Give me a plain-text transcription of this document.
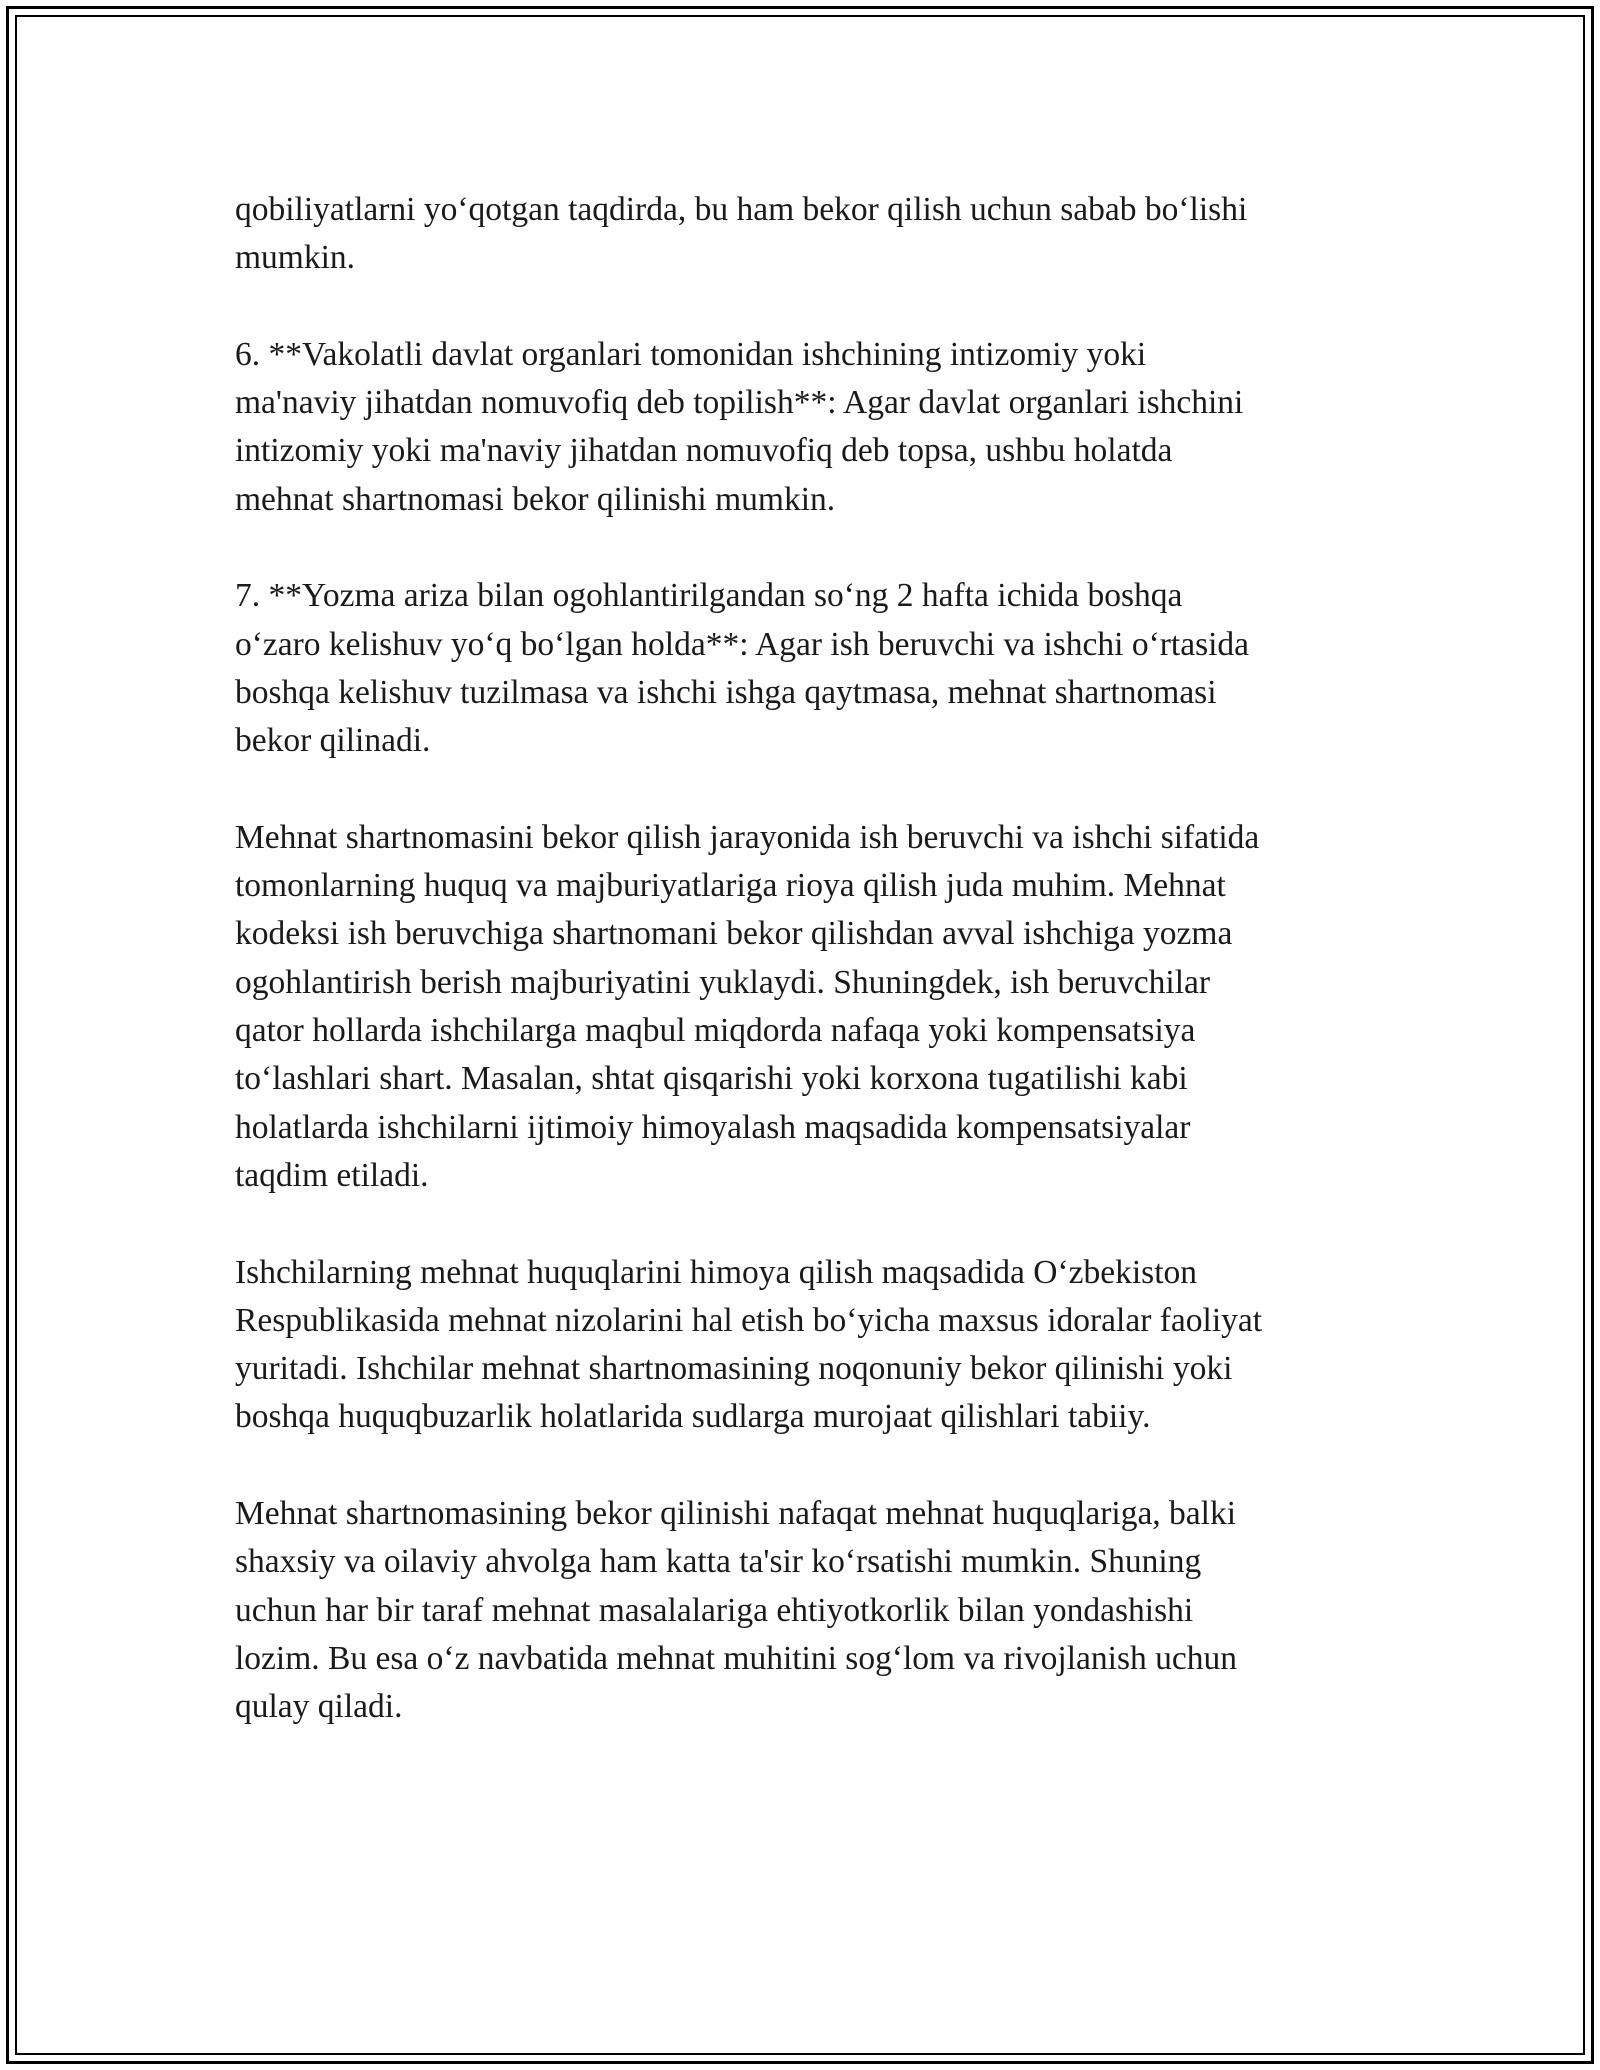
qobiliyatlarni yo‘qotgan taqdirda, bu ham bekor qilish uchun sabab bo‘lishi
mumkin.

6. **Vakolatli davlat organlari tomonidan ishchining intizomiy yoki
ma'naviy jihatdan nomuvofiq deb topilish**: Agar davlat organlari ishchini
intizomiy yoki ma'naviy jihatdan nomuvofiq deb topsa, ushbu holatda
mehnat shartnomasi bekor qilinishi mumkin.

7. **Yozma ariza bilan ogohlantirilgandan so‘ng 2 hafta ichida boshqa
o‘zaro kelishuv yo‘q bo‘lgan holda**: Agar ish beruvchi va ishchi o‘rtasida
boshqa kelishuv tuzilmasa va ishchi ishga qaytmasa, mehnat shartnomasi
bekor qilinadi.

Mehnat shartnomasini bekor qilish jarayonida ish beruvchi va ishchi sifatida
tomonlarning huquq va majburiyatlariga rioya qilish juda muhim. Mehnat
kodeksi ish beruvchiga shartnomani bekor qilishdan avval ishchiga yozma
ogohlantirish berish majburiyatini yuklaydi. Shuningdek, ish beruvchilar
qator hollarda ishchilarga maqbul miqdorda nafaqa yoki kompensatsiya
to‘lashlari shart. Masalan, shtat qisqarishi yoki korxona tugatilishi kabi
holatlarda ishchilarni ijtimoiy himoyalash maqsadida kompensatsiyalar
taqdim etiladi.

Ishchilarning mehnat huquqlarini himoya qilish maqsadida O‘zbekiston
Respublikasida mehnat nizolarini hal etish bo‘yicha maxsus idoralar faoliyat
yuritadi. Ishchilar mehnat shartnomasining noqonuniy bekor qilinishi yoki
boshqa huquqbuzarlik holatlarida sudlarga murojaat qilishlari tabiiy.

Mehnat shartnomasining bekor qilinishi nafaqat mehnat huquqlariga, balki
shaxsiy va oilaviy ahvolga ham katta ta'sir ko‘rsatishi mumkin. Shuning
uchun har bir taraf mehnat masalalariga ehtiyotkorlik bilan yondashishi
lozim. Bu esa o‘z navbatida mehnat muhitini sog‘lom va rivojlanish uchun
qulay qiladi.
